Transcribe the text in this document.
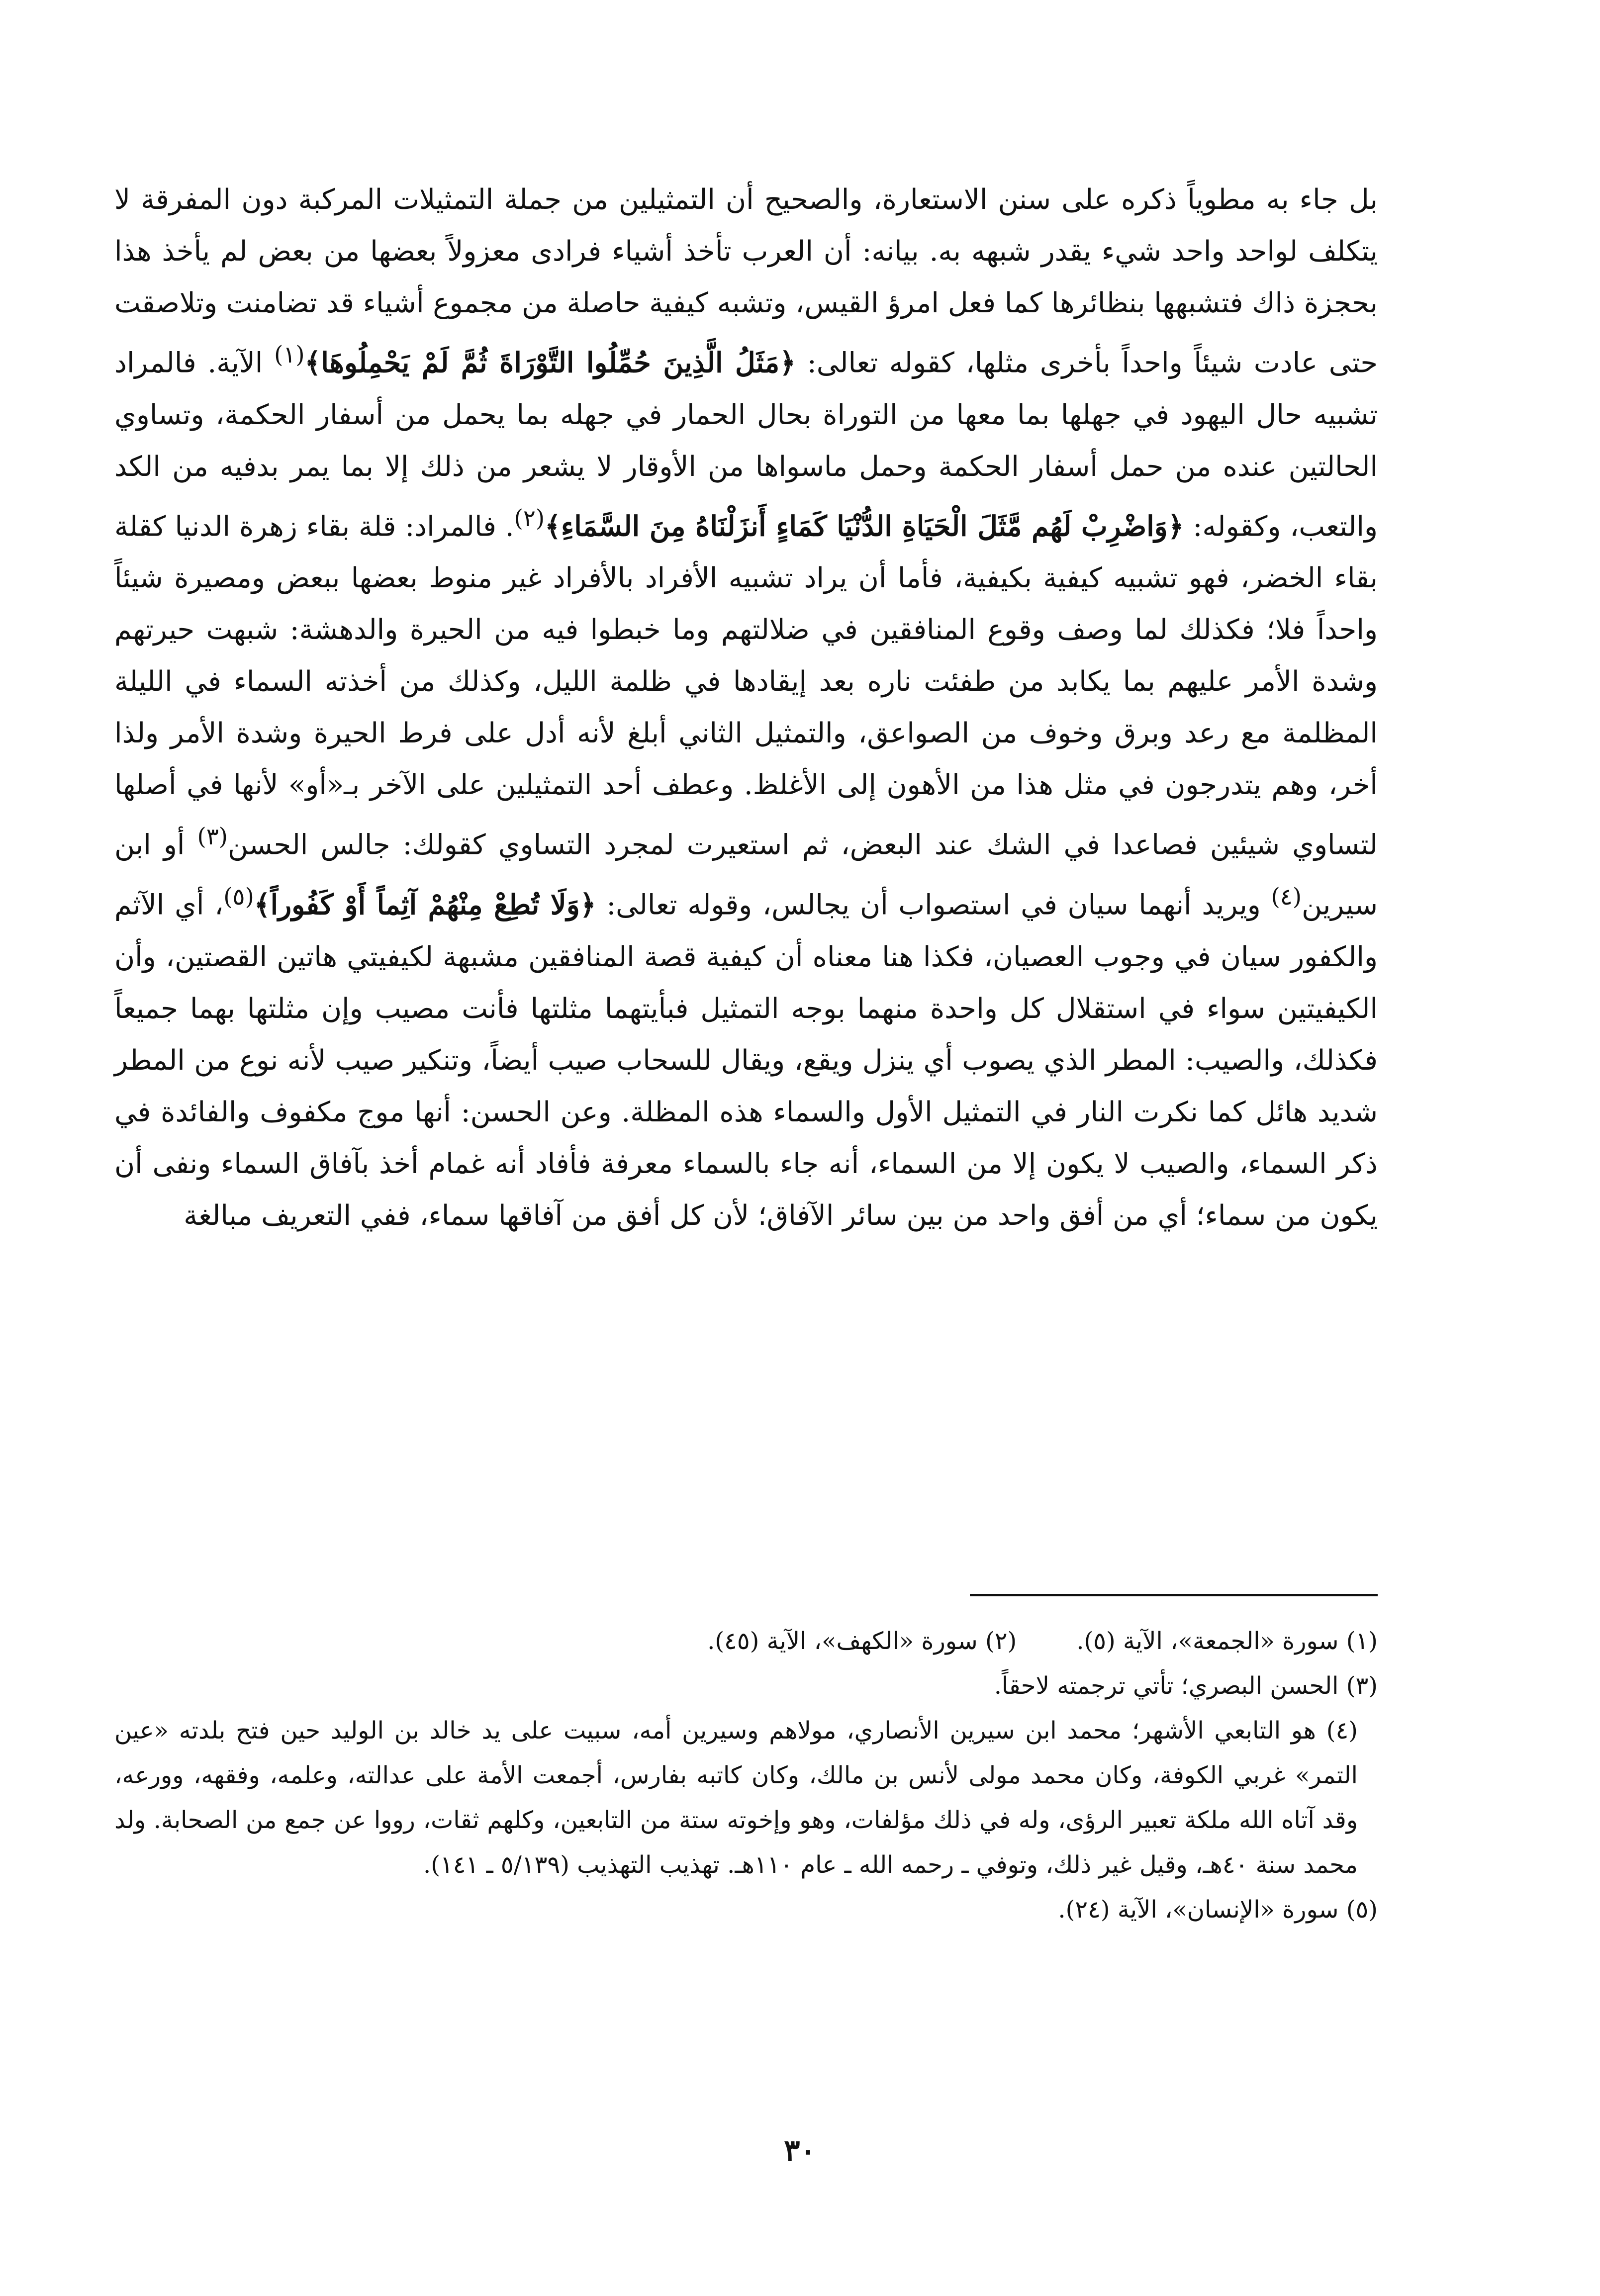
بل جاء به مطوياً ذكره على سنن الاستعارة، والصحيح أن التمثيلين من جملة التمثيلات المركبة دون المفرقة لا يتكلف لواحد واحد شيء يقدر شبهه به. بيانه: أن العرب تأخذ أشياء فرادى معزولاً بعضها من بعض لم يأخذ هذا بحجزة ذاك فتشبهها بنظائرها كما فعل امرؤ القيس، وتشبه كيفية حاصلة من مجموع أشياء قد تضامنت وتلاصقت حتى عادت شيئاً واحداً بأخرى مثلها، كقوله تعالى: ﴿مَثَلُ الَّذِينَ حُمِّلُوا التَّوْرَاةَ ثُمَّ لَمْ يَحْمِلُوهَا﴾$^{(١)}$ الآية. فالمراد تشبيه حال اليهود في جهلها بما معها من التوراة بحال الحمار في جهله بما يحمل من أسفار الحكمة، وتساوي الحالتين عنده من حمل أسفار الحكمة وحمل ماسواها من الأوقار لا يشعر من ذلك إلا بما يمر بدفيه من الكد والتعب، وكقوله: ﴿وَاضْرِبْ لَهُم مَّثَلَ الْحَيَاةِ الدُّنْيَا كَمَاءٍ أَنزَلْنَاهُ مِنَ السَّمَاءِ﴾$^{(٢)}$. فالمراد: قلة بقاء زهرة الدنيا كقلة بقاء الخضر، فهو تشبيه كيفية بكيفية، فأما أن يراد تشبيه الأفراد بالأفراد غير منوط بعضها ببعض ومصيرة شيئاً واحداً فلا؛ فكذلك لما وصف وقوع المنافقين في ضلالتهم وما خبطوا فيه من الحيرة والدهشة: شبهت حيرتهم وشدة الأمر عليهم بما يكابد من طفئت ناره بعد إيقادها في ظلمة الليل، وكذلك من أخذته السماء في الليلة المظلمة مع رعد وبرق وخوف من الصواعق، والتمثيل الثاني أبلغ لأنه أدل على فرط الحيرة وشدة الأمر ولذا أخر، وهم يتدرجون في مثل هذا من الأهون إلى الأغلظ. وعطف أحد التمثيلين على الآخر بـ«أو» لأنها في أصلها لتساوي شيئين فصاعدا في الشك عند البعض، ثم استعيرت لمجرد التساوي كقولك: جالس الحسن$^{(٣)}$ أو ابن سيرين$^{(٤)}$ ويريد أنهما سيان في استصواب أن يجالس، وقوله تعالى: ﴿وَلَا تُطِعْ مِنْهُمْ آثِماً أَوْ كَفُوراً﴾$^{(٥)}$، أي الآثم والكفور سيان في وجوب العصيان، فكذا هنا معناه أن كيفية قصة المنافقين مشبهة لكيفيتي هاتين القصتين، وأن الكيفيتين سواء في استقلال كل واحدة منهما بوجه التمثيل فبأيتهما مثلتها فأنت مصيب وإن مثلتها بهما جميعاً فكذلك، والصيب: المطر الذي يصوب أي ينزل ويقع، ويقال للسحاب صيب أيضاً، وتنكير صيب لأنه نوع من المطر شديد هائل كما نكرت النار في التمثيل الأول والسماء هذه المظلة. وعن الحسن: أنها موج مكفوف والفائدة في ذكر السماء، والصيب لا يكون إلا من السماء، أنه جاء بالسماء معرفة فأفاد أنه غمام أخذ بآفاق السماء ونفى أن يكون من سماء؛ أي من أفق واحد من بين سائر الآفاق؛ لأن كل أفق من آفاقها سماء، ففي التعريف مبالغة

(١) سورة «الجمعة»، الآية (٥).

(٢) سورة «الكهف»، الآية (٤٥).

(٣) الحسن البصري؛ تأتي ترجمته لاحقاً.

(٤) هو التابعي الأشهر؛ محمد ابن سيرين الأنصاري، مولاهم وسيرين أمه، سبيت على يد خالد بن الوليد حين فتح بلدته «عين التمر» غربي الكوفة، وكان محمد مولى لأنس بن مالك، وكان كاتبه بفارس، أجمعت الأمة على عدالته، وعلمه، وفقهه، وورعه، وقد آتاه الله ملكة تعبير الرؤى، وله في ذلك مؤلفات، وهو وإخوته ستة من التابعين، وكلهم ثقات، رووا عن جمع من الصحابة. ولد محمد سنة ٤٠هـ، وقيل غير ذلك، وتوفي ـ رحمه الله ـ عام ١١٠هـ. تهذيب التهذيب (٥/١٣٩ ـ ١٤١).

(٥) سورة «الإنسان»، الآية (٢٤).

٣٠
